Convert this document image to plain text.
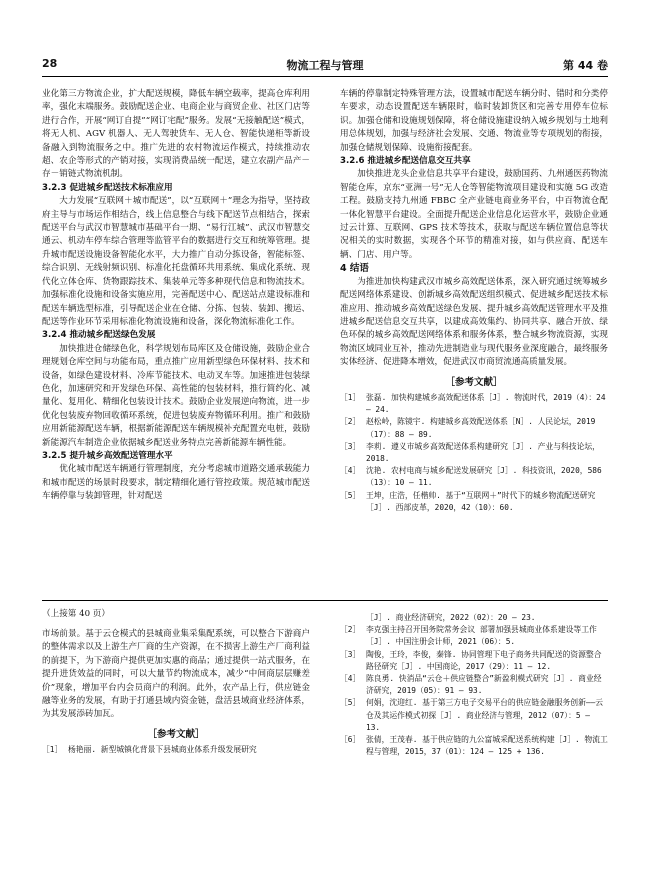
28	物流工程与管理	第 44 卷

业化第三方物流企业，扩大配送规模，降低车辆空载率，提高仓库利用率，强化末端服务。鼓励配送企业、电商企业与商贸企业、社区门店等进行合作，开展“网订自提”“网订宅配”服务。发展“无接触配送”模式，将无人机、AGV 机器人、无人驾驶货车、无人仓、智能快递柜等新设备融入到物流服务之中。推广先进的农村物流运作模式，持续推动农超、农企等形式的产销对接，实现消费品统一配送，建立农副产品产－存－销链式物流机制。

3.2.3 促进城乡配送技术标准应用

大力发展“互联网＋城市配送”，以“互联网＋”理念为指导，坚持政府主导与市场运作相结合，线上信息整合与线下配送节点相结合，探索配送平台与武汉市智慧城市基础平台一期、“易行江城”、武汉市智慧交通云、机动车停车综合管理等监管平台的数据进行交互和统筹管理。提升城市配送设施设备智能化水平，大力推广自动分拣设备，智能标签、综合识别、无线射频识别、标准化托盘循环共用系统、集成化系统、现代化立体仓库、货物跟踪技术、集装单元等多种现代信息和物流技术。加强标准化设施和设备实施应用，完善配送中心、配送站点建设标准和配送车辆选型标准，引导配送企业在仓储、分拣、包装、装卸、搬运、配送等作业环节采用标准化物流设施和设备，深化物流标准化工作。

3.2.4 推动城乡配送绿色发展

加快推进仓储绿色化，科学规划布局库区及仓储设施，鼓励企业合理规划仓库空间与功能布局，重点推广应用新型绿色环保材料、技术和设备，如绿色建设材料、冷库节能技术、电动叉车等。加速推进包装绿色化，加速研究和开发绿色环保、高性能的包装材料，推行简约化、减量化、复用化、精细化包装设计技术。鼓励企业发展逆向物流，进一步优化包装废弃物回收循环系统，促进包装废弃物循环利用。推广和鼓励应用新能源配送车辆，根据新能源配送车辆规模补充配置充电桩，鼓励新能源汽车制造企业依据城乡配送业务特点完善新能源车辆性能。

3.2.5 提升城乡高效配送管理水平

优化城市配送车辆通行管理制度，充分考虑城市道路交通承载能力和城市配送的场景时段要求，制定精细化通行管控政策。规范城市配送车辆停靠与装卸管理，针对配送

车辆的停靠制定特殊管理方法，设置城市配送车辆分时、错时和分类停车要求，动态设置配送车辆限时，临时装卸货区和完善专用停车位标识。加强仓储和设施规划保障，将仓储设施建设纳入城乡规划与土地利用总体规划，加强与经济社会发展、交通、物流业等专项规划的衔接，加强仓储规划保障、设施衔接配套。

3.2.6 推进城乡配送信息交互共享

加快推进龙头企业信息共享平台建设，鼓励国药、九州通医药物流智能仓库，京东“亚洲一号”无人仓等智能物流项目建设和实施 5G 改造工程。鼓励支持九州通 FBBC 全产业链电商业务平台，中百物流仓配一体化智慧平台建设。全面提升配送企业信息化运营水平，鼓励企业通过云计算、互联网、GPS 技术等技术，获取与配送车辆位置信息等状况相关的实时数据，实现各个环节的精准对接，如与供应商、配送车辆、门店、用户等。

4 结语

为推进加快构建武汉市城乡高效配送体系，深入研究通过统筹城乡配送网络体系建设、创新城乡高效配送组织模式、促进城乡配送技术标准应用、推动城乡高效配送绿色发展、提升城乡高效配送管理水平及推进城乡配送信息交互共享，以建成高效集约、协同共享、融合开放、绿色环保的城乡高效配送网络体系和服务体系，整合城乡物流资源，实现物流区域同业互补，推动先进制造业与现代服务业深度融合，最终服务实体经济、促进降本增效，促进武汉市商贸流通高质量发展。

［参考文献］

［1］ 张磊. 加快构建城乡高效配送体系［J］. 物流时代，2019（4）：24 – 24.

［2］ 赵松岭，陈镜宇. 构建城乡高效配送体系［N］. 人民论坛，2019（17）：88 – 89.

［3］ 李莉. 遵义市城乡高效配送体系构建研究［J］. 产业与科技论坛，2018.

［4］ 沈艳. 农村电商与城乡配送发展研究［J］. 科技资讯，2020，586（13）：10 – 11.

［5］ 王坤，庄浩，任楷帅. 基于“互联网＋”时代下的城乡物流配送研究［J］. 西部皮革，2020，42（10）：60.

（上接第 40 页）

市场前景。基于云仓模式的县城商业集采集配系统，可以整合下游商户的整体需求以及上游生产厂商的生产资源，在不损害上游生产厂商利益的前提下，为下游商户提供更加实惠的商品；通过提供一站式服务，在提升进货效益的同时，可以大量节约物流成本，减少“中间商层层赚差价”现象，增加平台内会员商户的利润。此外，农产品上行，供应链金融等业务的发展，有助于打通县域内资金链，盘活县域商业经济体系，为其发展添砖加瓦。

［参考文献］

［1］ 杨艳丽. 新型城镇化背景下县城商业体系升级发展研究

［J］. 商业经济研究，2022（02）：20 – 23.

［2］ 李克强主持召开国务院常务会议 部署加强县城商业体系建设等工作［J］. 中国注册会计师，2021（06）：5.

［3］ 陶俊，王玲，李俊，秦锋. 协同管理下电子商务共同配送的资源整合路径研究［J］. 中国商论，2017（29）：11 – 12.

［4］ 陈良勇. 快消品“云仓＋供应链整合”新盈利模式研究［J］. 商业经济研究，2019（05）：91 – 93.

［5］ 何娟，沈迎红. 基于第三方电子交易平台的供应链金融服务创新——云仓及其运作模式初探［J］. 商业经济与管理，2012（07）：5 – 13.

［6］ 张倩，王茂春. 基于供应链的九公富城采配送系统构建［J］. 物流工程与管理，2015，37（01）：124 – 125 + 136.
